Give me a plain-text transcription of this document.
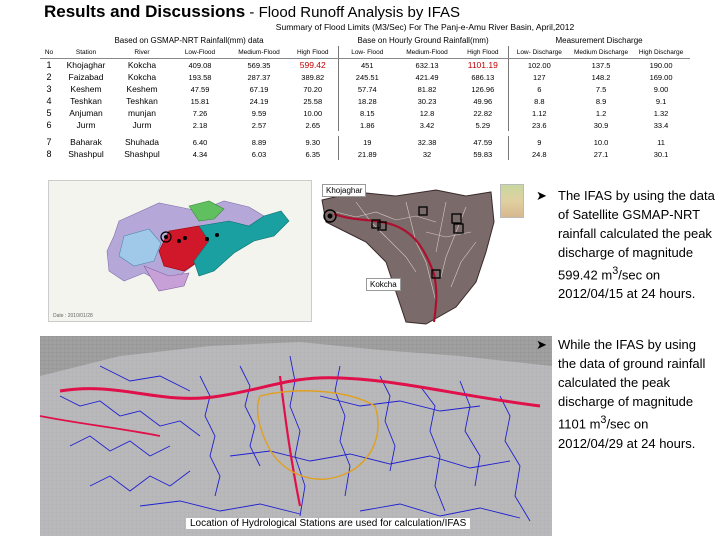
Results and Discussions - Flood Runoff Analysis by IFAS
Summary of Flood Limits (M3/Sec) For The Panj-e-Amu River Basin, April,2012
Based on GSMAP-NRT Rainfall(mm) data						Base on Hourly Ground Rainfall(mm)			Measurement Discharge		
No	Station	River	Low-Flood	Medium-Flood	High Flood	Low- Flood	Medium-Flood	High Flood	Low- Discharge	Medium Discharge	High Discharge
1	Khojaghar	Kokcha	409.08	569.35	599.42	451	632.13	1101.19	102.00	137.5	190.00
2	Faizabad	Kokcha	193.58	287.37	389.82	245.51	421.49	686.13	127	148.2	169.00
3	Keshem	Keshem	47.59	67.19	70.20	57.74	81.82	126.96	6	7.5	9.00
4	Teshkan	Teshkan	15.81	24.19	25.58	18.28	30.23	49.96	8.8	8.9	9.1
5	Anjuman	munjan	7.26	9.59	10.00	8.15	12.8	22.82	1.12	1.2	1.32
6	Jurm	Jurm	2.18	2.57	2.65	1.86	3.42	5.29	23.6	30.9	33.4

7	Baharak	Shuhada	6.40	8.89	9.30	19	32.38	47.59	9	10.0	11
8	Shashpul	Shashpul	4.34	6.03	6.35	21.89	32	59.83	24.8	27.1	30.1
Date : 2010/01/28
Khojaghar
Kokcha
Location of Hydrological Stations are used for calculation/IFAS
➤ The IFAS by using the data of Satellite GSMAP-NRT rainfall calculated the peak discharge of magnitude 599.42 $m^3/\sec$ on 2012/04/15 at 24 hours.
➤ While the IFAS by using the data of ground rainfall calculated the peak discharge of magnitude 1101 $m^3/\sec$ on 2012/04/29 at 24 hours.
